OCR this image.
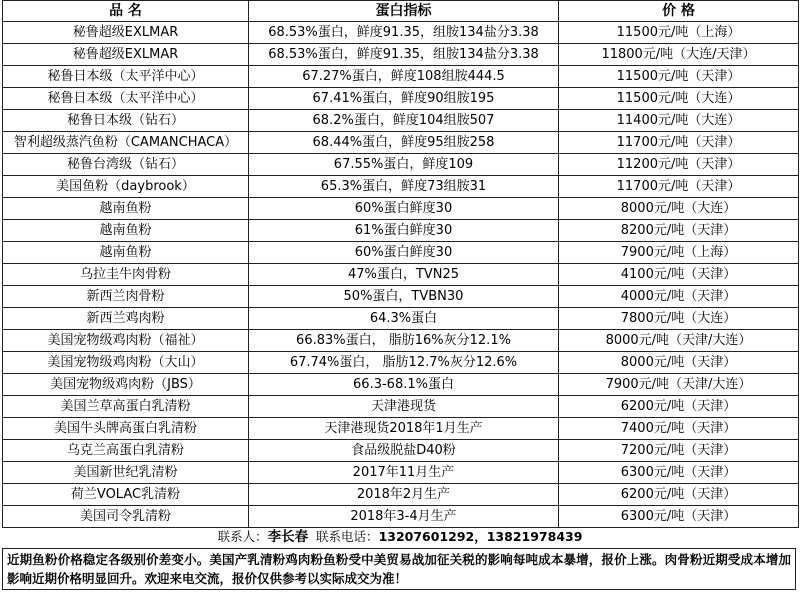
品 名	蛋白指标	价 格
秘鲁超级EXLMAR	68.53%蛋白，鲜度91.35，组胺134盐分3.38	11500元/吨（上海）
秘鲁超级EXLMAR	68.53%蛋白，鲜度91.35，组胺134盐分3.38	11800元/吨（大连/天津）
秘鲁日本级（太平洋中心）	67.27%蛋白，鲜度108组胺444.5	11500元/吨（天津）
秘鲁日本级（太平洋中心）	67.41%蛋白，鲜度90组胺195	11500元/吨（大连）
秘鲁日本级（钻石）	68.2%蛋白，鲜度104组胺507	11400元/吨（大连）
智利超级蒸汽鱼粉（CAMANCHACA）	68.44%蛋白，鲜度95组胺258	11700元/吨（天津）
秘鲁台湾级（钻石）	67.55%蛋白，鲜度109	11200元/吨（天津）
美国鱼粉（daybrook）	65.3%蛋白，鲜度73组胺31	11700元/吨（天津）
越南鱼粉	60%蛋白鲜度30	8000元/吨（大连）
越南鱼粉	61%蛋白鲜度30	8200元/吨（天津）
越南鱼粉	60%蛋白鲜度30	7900元/吨（上海）
乌拉圭牛肉骨粉	47%蛋白，TVN25	4100元/吨（天津）
新西兰肉骨粉	50%蛋白，TVBN30	4000元/吨（天津）
新西兰鸡肉粉	64.3%蛋白	7800元/吨（大连）
美国宠物级鸡肉粉（福祉）	66.83%蛋白， 脂肪16%灰分12.1%	8000元/吨（天津/大连）
美国宠物级鸡肉粉（大山）	67.74%蛋白， 脂肪12.7%灰分12.6%	8000元/吨（天津）
美国宠物级鸡肉粉（JBS）	66.3-68.1%蛋白	7900元/吨（天津/大连）
美国兰草高蛋白乳清粉	天津港现货	6200元/吨（天津）
美国牛头牌高蛋白乳清粉	天津港现货2018年1月生产	7400元/吨（天津）
乌克兰高蛋白乳清粉	食品级脱盐D40粉	7200元/吨（天津）
美国新世纪乳清粉	2017年11月生产	6300元/吨（天津）
荷兰VOLAC乳清粉	2018年2月生产	6200元/吨（天津）
美国司令乳清粉	2018年3-4月生产	6300元/吨（天津）
联系人：李长春 联系电话：13207601292，13821978439
近期鱼粉价格稳定各级别价差变小。美国产乳清粉鸡肉粉鱼粉受中美贸易战加征关税的影响每吨成本暴增，报价上涨。肉骨粉近期受成本增加影响近期价格明显回升。欢迎来电交流，报价仅供参考以实际成交为准！
